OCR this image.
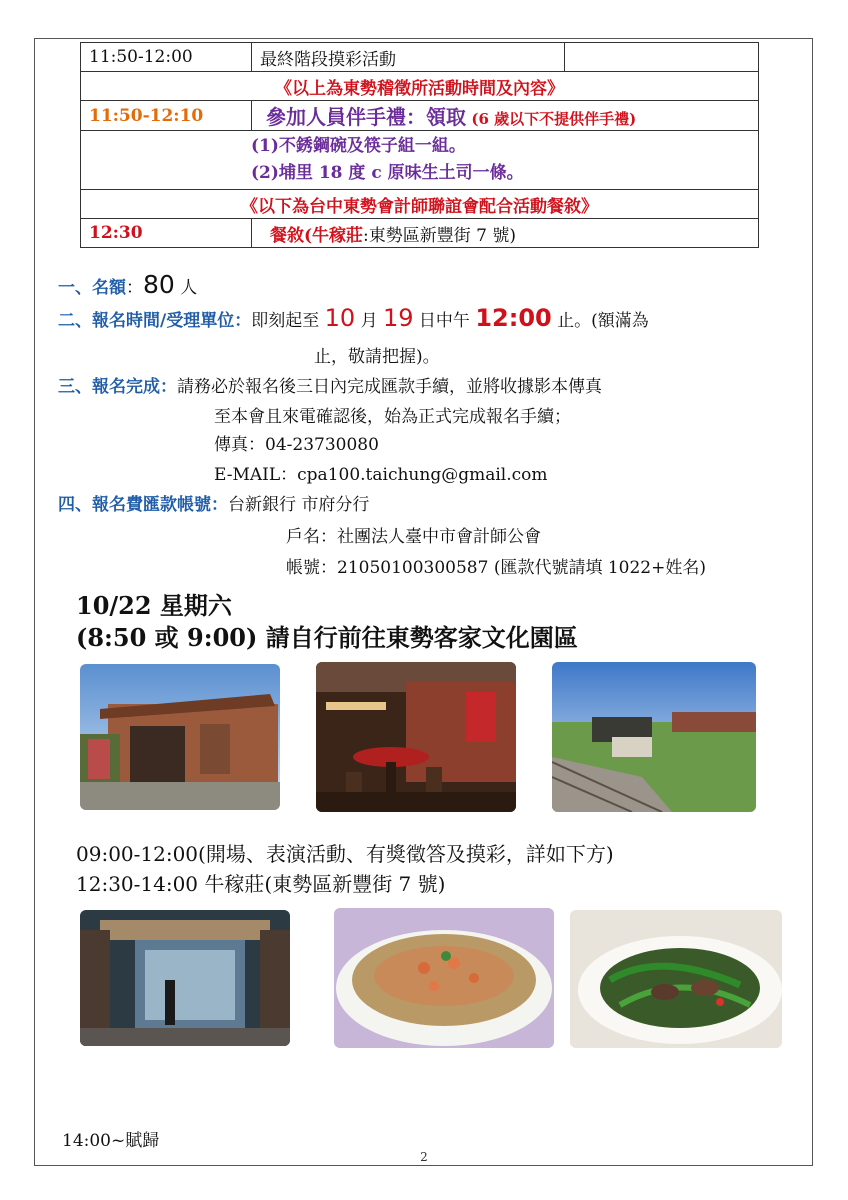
11:50-12:00	最終階段摸彩活動	
《以上為東勢稽徵所活動時間及內容》		
11:50-12:10	參加人員伴手禮：領取 (6 歲以下不提供伴手禮)	

(1)不銹鋼碗及筷子組一組。
(2)埔里 18 度 c 原味生土司一條。		

《以下為台中東勢會計師聯誼會配合活動餐敘》		
12:30	餐敘(牛稼莊:東勢區新豐街 7 號)	
一、名額：80 人
二、報名時間/受理單位：即刻起至 10 月 19 日中午 12:00 止。(額滿為
止，敬請把握)。
三、報名完成：請務必於報名後三日內完成匯款手續，並將收據影本傳真
至本會且來電確認後，始為正式完成報名手續；
傳真：04-23730080
E-MAIL：cpa100.taichung@gmail.com
四、報名費匯款帳號：台新銀行 市府分行
戶名：社團法人臺中市會計師公會
帳號：21050100300587 (匯款代號請填 1022+姓名)
10/22 星期六
(8:50 或 9:00) 請自行前往東勢客家文化園區
09:00-12:00(開場、表演活動、有獎徵答及摸彩，詳如下方)
12:30-14:00 牛稼莊(東勢區新豐街 7 號)
14:00~賦歸
2
